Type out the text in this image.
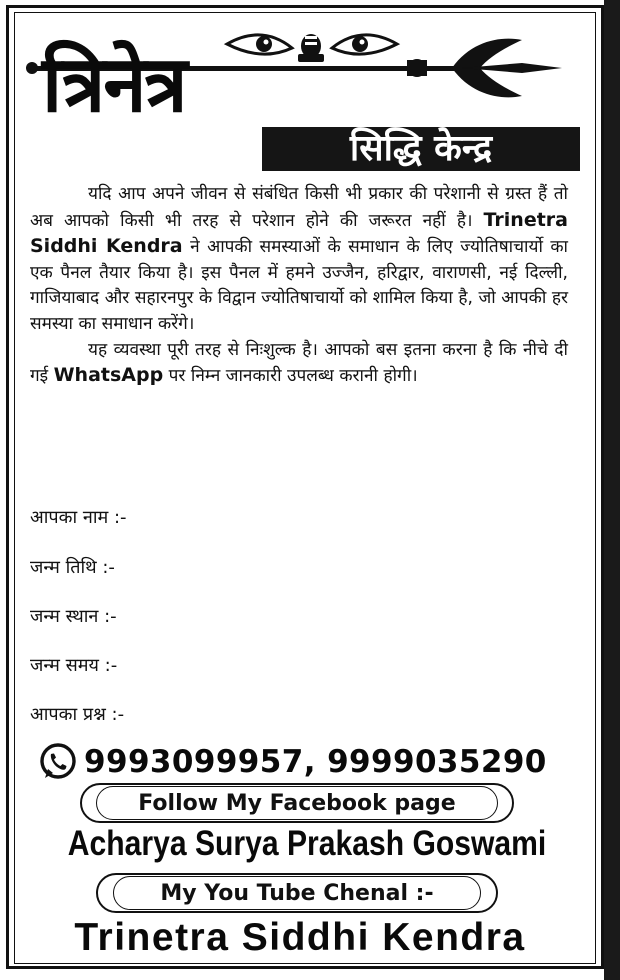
त्रिनेत्र
सिद्धि केन्द्र

यदि आप अपने जीवन से संबंधित किसी भी प्रकार की परेशानी से ग्रस्त हैं तो अब आपको किसी भी तरह से परेशान होने की जरूरत नहीं है। Trinetra Siddhi Kendra ने आपकी समस्याओं के समाधान के लिए ज्योतिषाचार्यो का एक पैनल तैयार किया है। इस पैनल में हमने उज्जैन, हरिद्वार, वाराणसी, नई दिल्ली, गाजियाबाद और सहारनपुर के विद्वान ज्योतिषाचार्यो को शामिल किया है, जो आपकी हर समस्या का समाधान करेंगे।

यह व्यवस्था पूरी तरह से निःशुल्क है। आपको बस इतना करना है कि नीचे दी गई WhatsApp पर निम्न जानकारी उपलब्ध करानी होगी।

आपका नाम :-
जन्म तिथि :-
जन्म स्थान :-
जन्म समय :-
आपका प्रश्न :-
9993099957, 9999035290
Follow My Facebook page
Acharya Surya Prakash Goswami
My You Tube Chenal :-
Trinetra Siddhi Kendra
